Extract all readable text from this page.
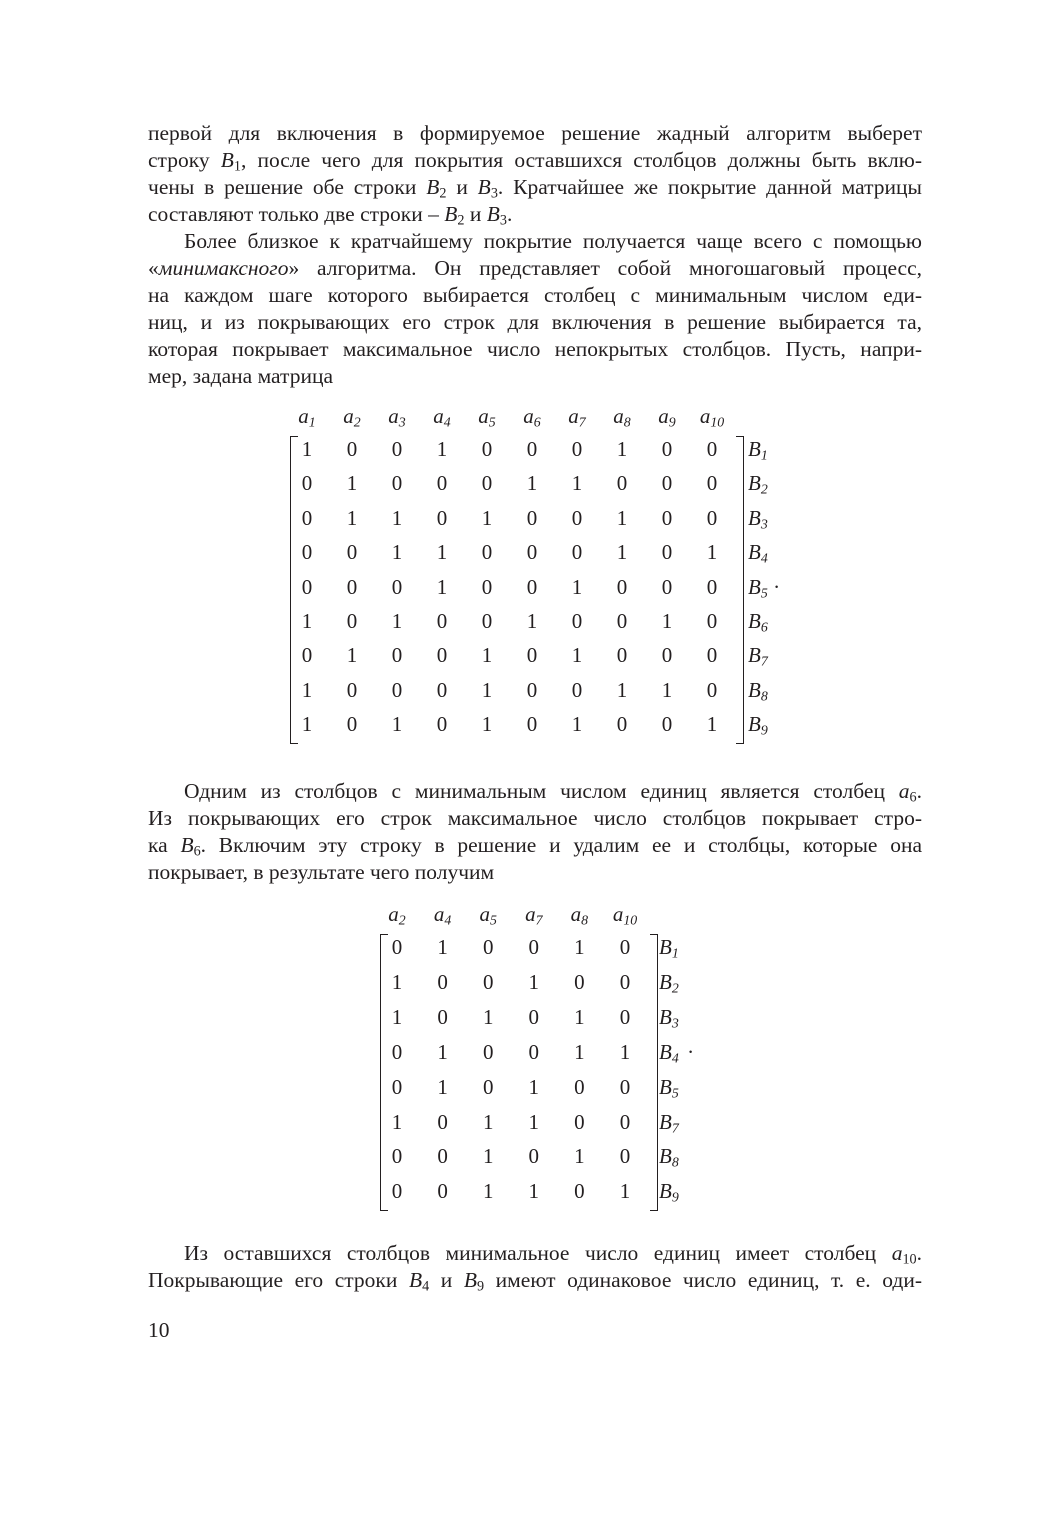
первой для включения в формируемое решение жадный алгоритм выберет
строку $B_1$, после чего для покрытия оставшихся столбцов должны быть вклю-
чены в решение обе строки $B_2$ и $B_3$. Кратчайшее же покрытие данной матрицы
составляют только две строки – $B_2$ и $B_3$.
Более близкое к кратчайшему покрытие получается чаще всего с помощью
«минимаксного» алгоритма. Он представляет собой многошаговый процесс,
на каждом шаге которого выбирается столбец с минимальным числом еди-
ниц, и из покрывающих его строк для включения в решение выбирается та,
которая покрывает максимальное число непокрытых столбцов. Пусть, напри-
мер, задана матрица
$a_1$ $a_2$ $a_3$ $a_4$ $a_5$ $a_6$ $a_7$ $a_8$ $a_9$ $a_{10}$
1	0	0	1	0	0	0	1	0	0	$B_1$
0	1	0	0	0	1	1	0	0	0	$B_2$
0	1	1	0	1	0	0	1	0	0	$B_3$
0	0	1	1	0	0	0	1	0	1	$B_4$
0	0	0	1	0	0	1	0	0	0	$B_5$
1	0	1	0	0	1	0	0	1	0	$B_6$
0	1	0	0	1	0	1	0	0	0	$B_7$
1	0	0	0	1	0	0	1	1	0	$B_8$
1	0	1	0	1	0	1	0	0	1	$B_9$
.
Одним из столбцов с минимальным числом единиц является столбец $a_6$.
Из покрывающих его строк максимальное число столбцов покрывает стро-
ка $B_6$. Включим эту строку в решение и удалим ее и столбцы, которые она
покрывает, в результате чего получим
$a_2$ $a_4$ $a_5$ $a_7$ $a_8$ $a_{10}$
0	1	0	0	1	0	$B_1$
1	0	0	1	0	0	$B_2$
1	0	1	0	1	0	$B_3$
0	1	0	0	1	1	$B_4$
0	1	0	1	0	0	$B_5$
1	0	1	1	0	0	$B_7$
0	0	1	0	1	0	$B_8$
0	0	1	1	0	1	$B_9$
.
Из оставшихся столбцов минимальное число единиц имеет столбец $a_{10}$.
Покрывающие его строки $B_4$ и $B_9$ имеют одинаковое число единиц, т. е. оди-
10
